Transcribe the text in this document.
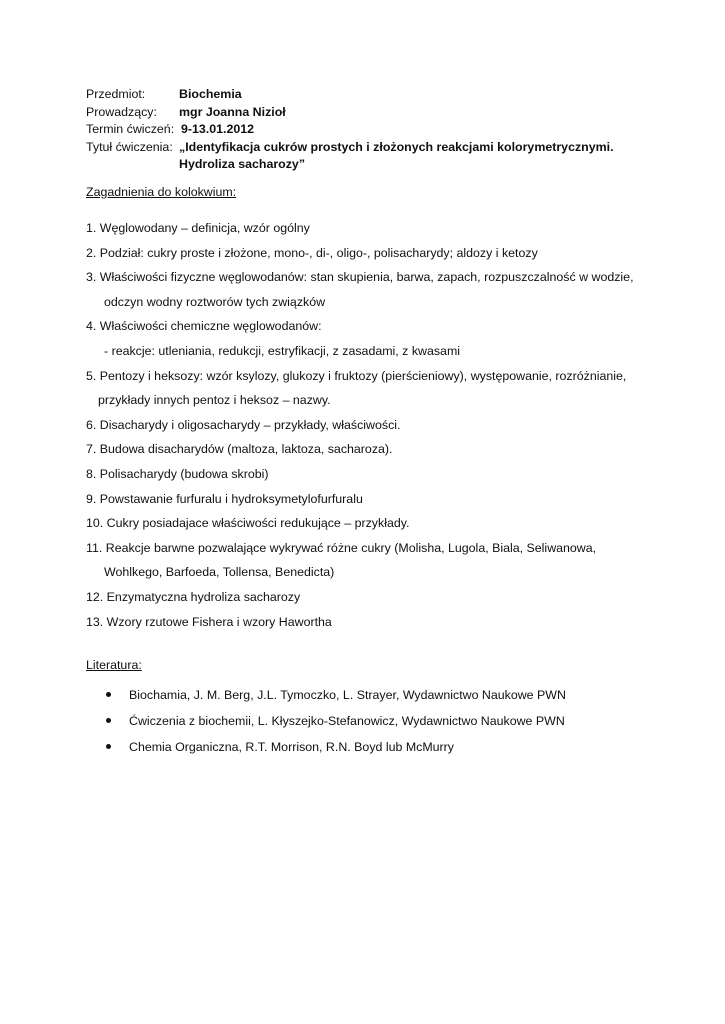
Przedmiot:	Biochemia
Prowadzący:	mgr Joanna Nizioł
Termin ćwiczeń: 9-13.01.2012
Tytuł ćwiczenia: „Identyfikacja cukrów prostych i złożonych reakcjami kolorymetrycznymi.
Hydroliza sacharozy”
Zagadnienia do kolokwium:
1. Węglowodany – definicja, wzór ogólny
2. Podział: cukry proste i złożone, mono-, di-, oligo-, polisacharydy; aldozy i ketozy
3. Właściwości fizyczne węglowodanów: stan skupienia, barwa, zapach, rozpuszczalność w wodzie,
odczyn wodny roztworów tych związków
4. Właściwości chemiczne węglowodanów:
- reakcje: utleniania, redukcji, estryfikacji, z zasadami, z kwasami
5. Pentozy i heksozy: wzór ksylozy, glukozy i fruktozy (pierścieniowy), występowanie, rozróżnianie,
przykłady innych pentoz i heksoz – nazwy.
6. Disacharydy i oligosacharydy – przykłady, właściwości.
7. Budowa disacharydów (maltoza, laktoza, sacharoza).
8. Polisacharydy (budowa skrobi)
9. Powstawanie furfuralu i hydroksymetylofurfuralu
10. Cukry posiadajace właściwości redukujące – przykłady.
11. Reakcje barwne pozwalające wykrywać różne cukry (Molisha, Lugola, Biala, Seliwanowa,
Wohlkego, Barfoeda, Tollensa, Benedicta)
12. Enzymatyczna hydroliza sacharozy
13. Wzory rzutowe Fishera i wzory Hawortha
Literatura:
Biochamia, J. M. Berg, J.L. Tymoczko, L. Strayer, Wydawnictwo Naukowe PWN
Ćwiczenia z biochemii, L. Kłyszejko-Stefanowicz, Wydawnictwo Naukowe PWN
Chemia Organiczna, R.T. Morrison, R.N. Boyd lub McMurry
